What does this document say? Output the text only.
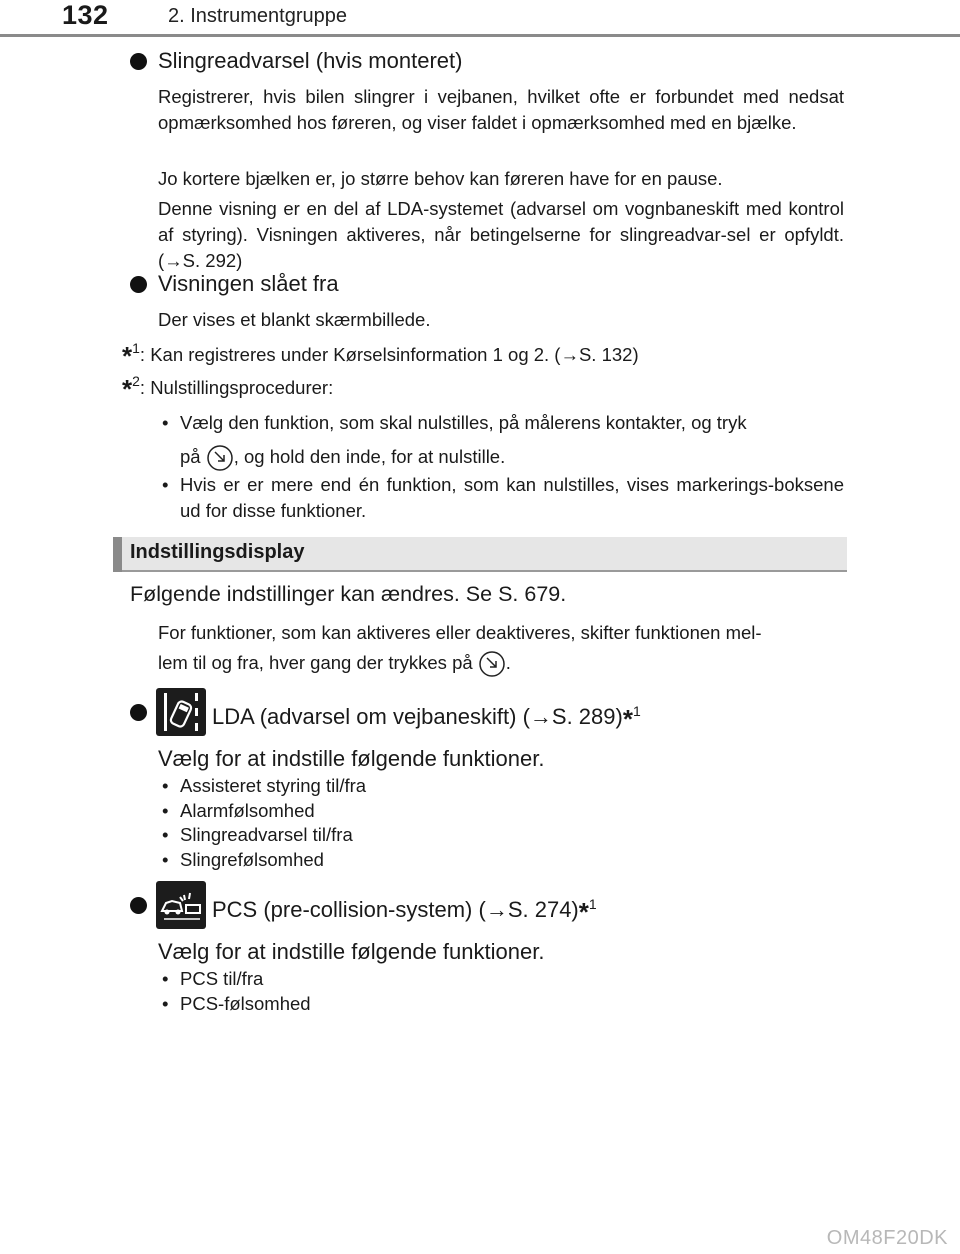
132	2. Instrumentgruppe
Slingreadvarsel (hvis monteret)
Registrerer, hvis bilen slingrer i vejbanen, hvilket ofte er forbundet med nedsat opmærksomhed hos føreren, og viser faldet i opmærksomhed med en bjælke.
Jo kortere bjælken er, jo større behov kan føreren have for en pause.
Denne visning er en del af LDA-systemet (advarsel om vognbaneskift med kontrol af styring). Visningen aktiveres, når betingelserne for slingreadvar-sel er opfyldt. (→S. 292)
Visningen slået fra
Der vises et blankt skærmbillede.
*$^1$: Kan registreres under Kørselsinformation 1 og 2. (→S. 132)
*$^2$: Nulstillingsprocedurer:
• Vælg den funktion, som skal nulstilles, på målerens kontakter, og tryk
på , og hold den inde, for at nulstille.
• Hvis er er mere end én funktion, som kan nulstilles, vises markerings-boksene ud for disse funktioner.
Indstillingsdisplay
Følgende indstillinger kan ændres. Se S. 679.
For funktioner, som kan aktiveres eller deaktiveres, skifter funktionen mel-
lem til og fra, hver gang der trykkes på .
LDA (advarsel om vejbaneskift) (→S. 289)*$^1$
Vælg for at indstille følgende funktioner.
• Assisteret styring til/fra
• Alarmfølsomhed
• Slingreadvarsel til/fra
• Slingrefølsomhed
PCS (pre-collision-system) (→S. 274)*$^1$
Vælg for at indstille følgende funktioner.
• PCS til/fra
• PCS-følsomhed
OM48F20DK
